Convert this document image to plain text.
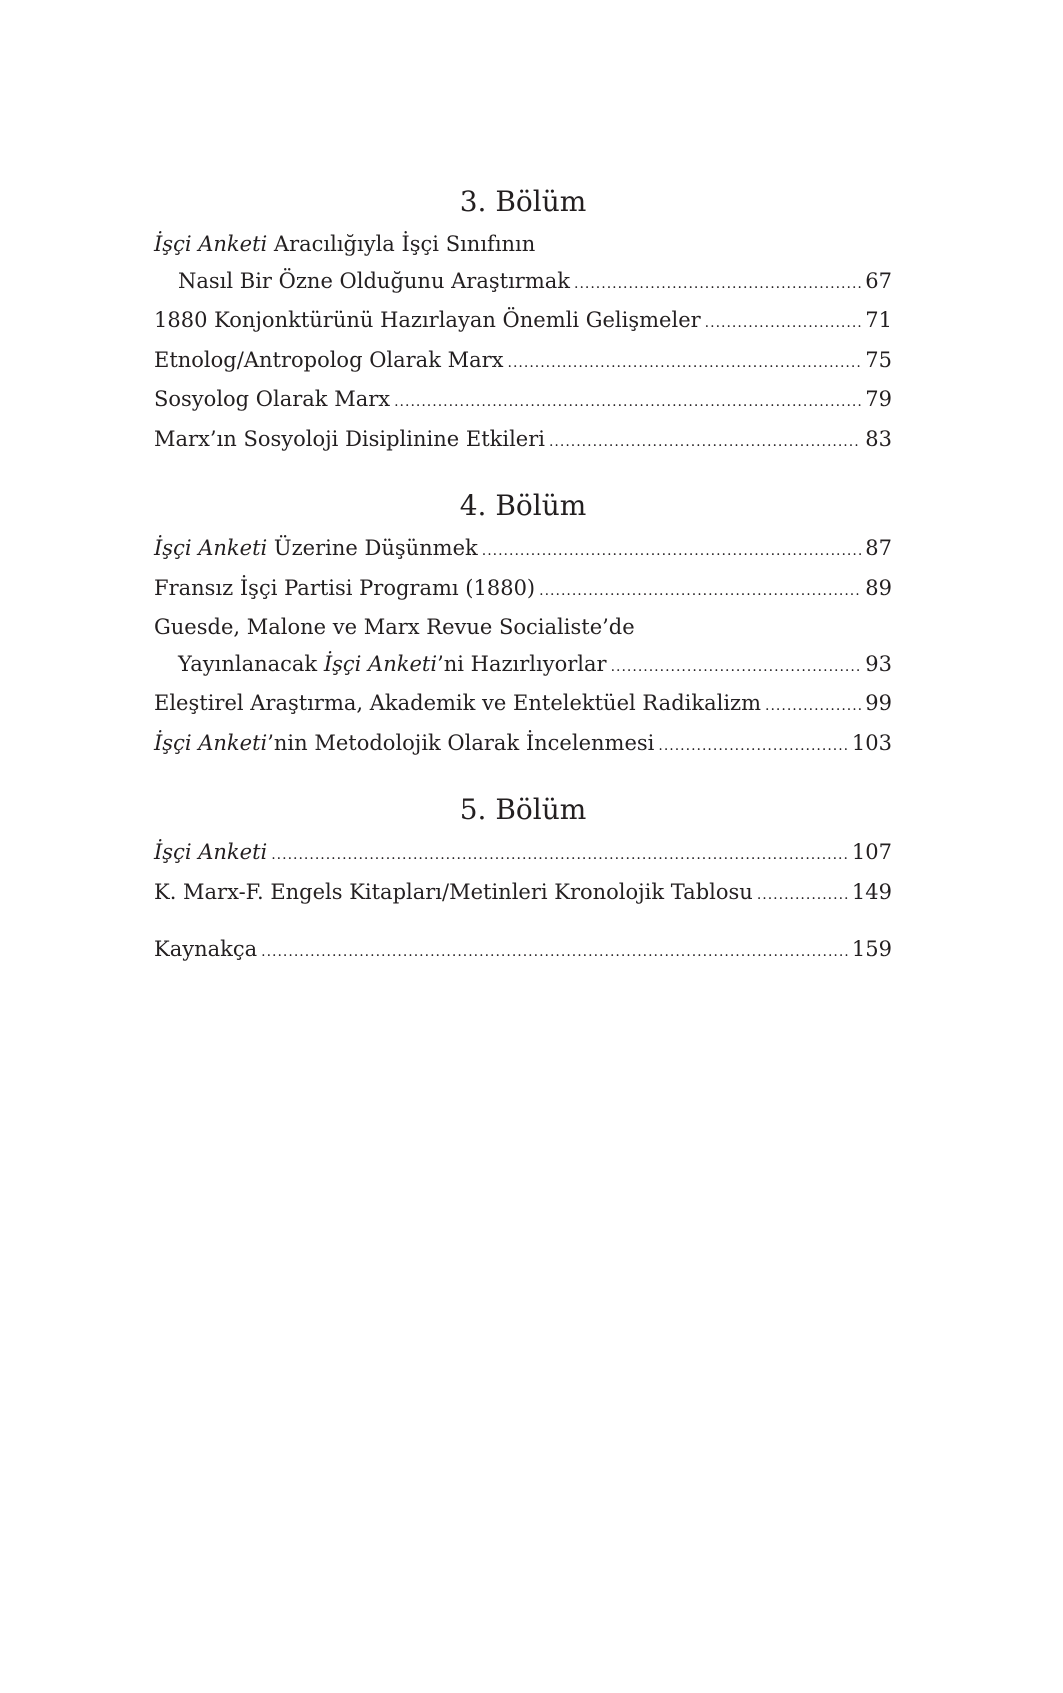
3. Bölüm
İşçi Anketi Aracılığıyla İşçi Sınıfının
Nasıl Bir Özne Olduğunu Araştırmak .....	67
1880 Konjonktürünü Hazırlayan Önemli Gelişmeler .....	71
Etnolog/Antropolog Olarak Marx .....	75
Sosyolog Olarak Marx .....	79
Marx’ın Sosyoloji Disiplinine Etkileri .....	83
4. Bölüm
İşçi Anketi Üzerine Düşünmek .....	87
Fransız İşçi Partisi Programı (1880) .....	89
Guesde, Malone ve Marx Revue Socialiste’de
Yayınlanacak İşçi Anketi’ni Hazırlıyorlar .....	93
Eleştirel Araştırma, Akademik ve Entelektüel Radikalizm .....	99
İşçi Anketi’nin Metodolojik Olarak İncelenmesi .....	103
5. Bölüm
İşçi Anketi .....	107
K. Marx-F. Engels Kitapları/Metinleri Kronolojik Tablosu .....	149
Kaynakça .....	159
